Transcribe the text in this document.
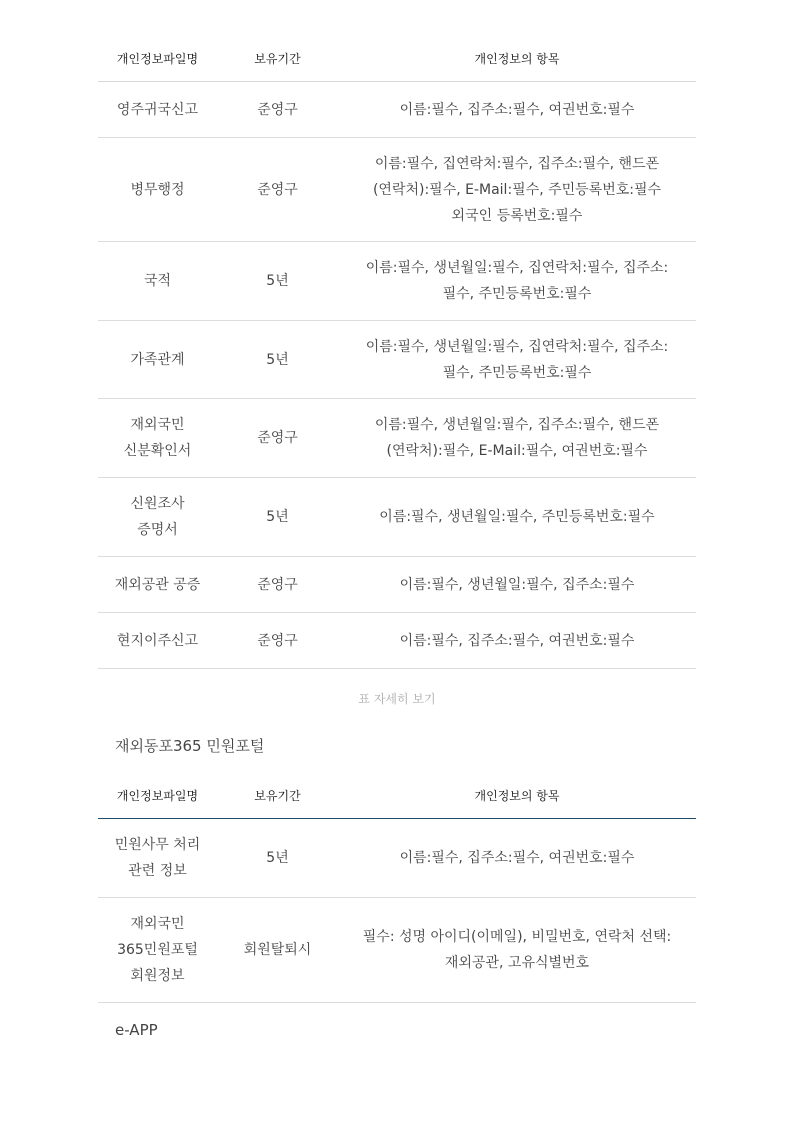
개인정보파일명	보유기간	개인정보의 항목

영주귀국신고	준영구	이름:필수, 집주소:필수, 여권번호:필수

병무행정	준영구	이름:필수, 집연락처:필수, 집주소:필수, 핸드폰
(연락처):필수, E-Mail:필수, 주민등록번호:필수
외국인 등록번호:필수

국적	5년	이름:필수, 생년월일:필수, 집연락처:필수, 집주소:
필수, 주민등록번호:필수

가족관계	5년	이름:필수, 생년월일:필수, 집연락처:필수, 집주소:
필수, 주민등록번호:필수

재외국민
신분확인서	준영구	이름:필수, 생년월일:필수, 집주소:필수, 핸드폰
(연락처):필수, E-Mail:필수, 여권번호:필수

신원조사
증명서	5년	이름:필수, 생년월일:필수, 주민등록번호:필수

재외공관 공증	준영구	이름:필수, 생년월일:필수, 집주소:필수

현지이주신고	준영구	이름:필수, 집주소:필수, 여권번호:필수
표 자세히 보기
재외동포365 민원포털
개인정보파일명	보유기간	개인정보의 항목

민원사무 처리
관련 정보	5년	이름:필수, 집주소:필수, 여권번호:필수

재외국민
365민원포털
회원정보	회원탈퇴시	필수: 성명 아이디(이메일), 비밀번호, 연락처 선택:
재외공관, 고유식별번호
e-APP
